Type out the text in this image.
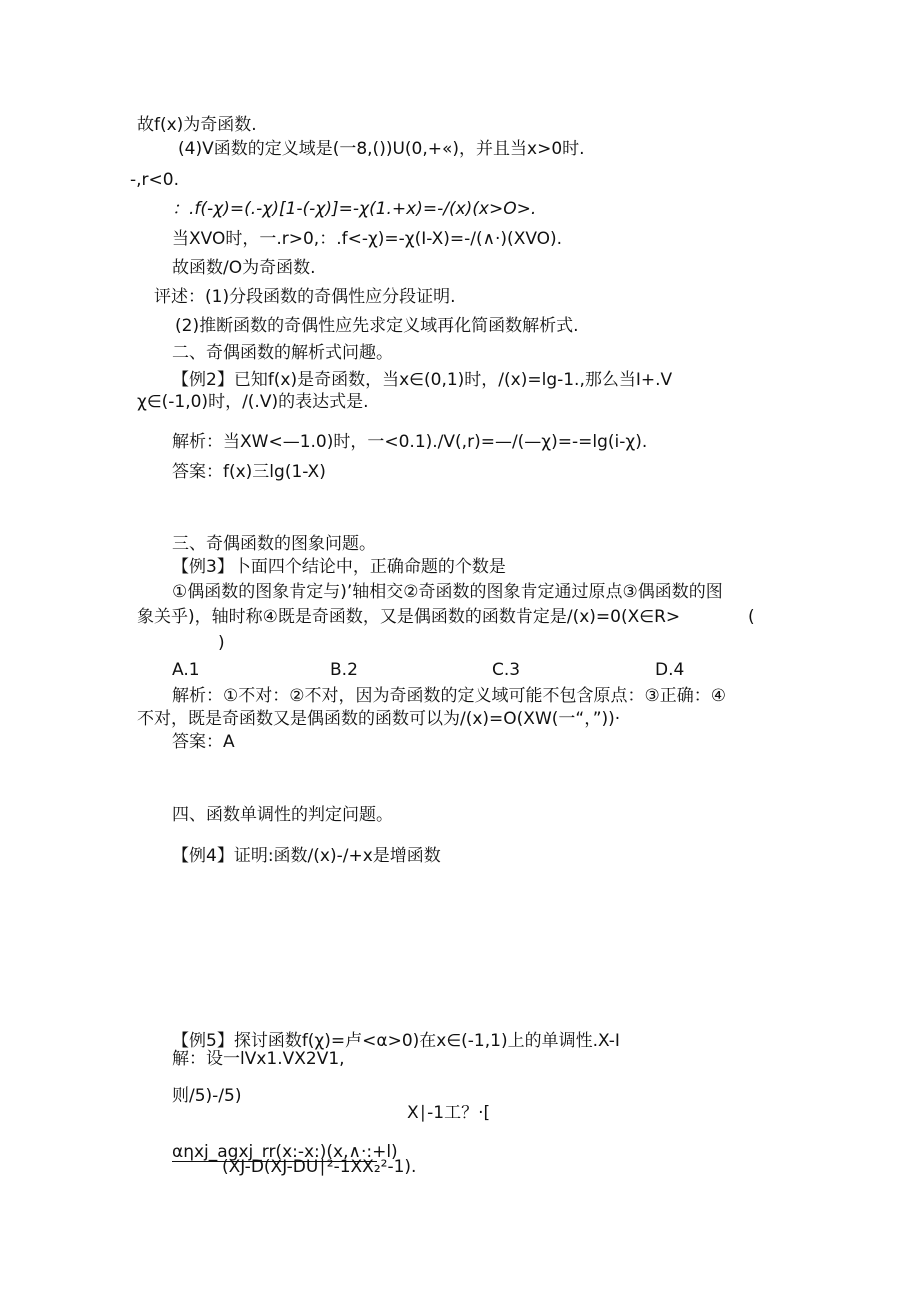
故f(x)为奇函数.
(4)V函数的定义域是(一8,())U(0,+«)，并且当x>0时.
-,r<0.
：.f(-χ)=(.-χ)[1-(-χ)]=-χ(1.+x)=-/(x)(x>O>.
当XVO时，一.r>0,：.f<-χ)=-χ(I-X)=-/(∧·)(XVO).
故函数/O为奇函数.
评述：(1)分段函数的奇偶性应分段证明.
(2)推断函数的奇偶性应先求定义域再化简函数解析式.
二、奇偶函数的解析式问趣。
【例2】已知f(x)是奇函数，当x∈(0,1)时，/(x)=lg-1.,那么当I+.V
χ∈(-1,0)时，/(.V)的表达式是.
解析：当XW<—1.0)时，一<0.1).∕V(,r)=—/(—χ)=-=lg(i-χ).
答案：f(x)三lg(1-X)
三、奇偶函数的图象问题。
【例3】卜面四个结论中，正确命题的个数是
①偶函数的图象肯定与)’轴相交②奇函数的图象肯定通过原点③偶函数的图
象关乎)，轴时称④既是奇函数，又是偶函数的函数肯定是/(x)=0(X∈R>	(
)
A.1	B.2	C.3	D.4
解析：①不对：②不对，因为奇函数的定义域可能不包含原点：③正确：④
不对，既是奇函数又是偶函数的函数可以为/(x)=O(XW(一“，”))·
答案：A
四、函数单调性的判定问题。
【例4】证明:函数/(x)-/+x是增函数
【例5】探讨函数f(χ)=卢<α>0)在x∈(-1,1)上的单调性.X-I
解：设一lVx1.VX2V1,
则/5)-/5)
X∣-1工？·[
αηxj_agxj_rr(x:-x:)(x,∧·:+l)
(XJ-D(XJ-DU∣²-1XX₂²-1).
